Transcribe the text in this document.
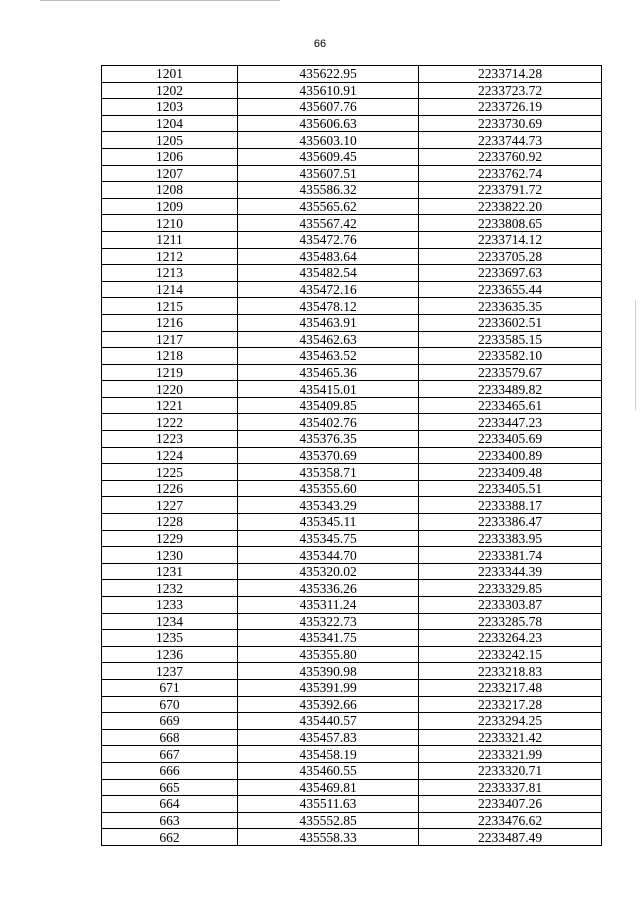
66
1201	435622.95	2233714.28
1202	435610.91	2233723.72
1203	435607.76	2233726.19
1204	435606.63	2233730.69
1205	435603.10	2233744.73
1206	435609.45	2233760.92
1207	435607.51	2233762.74
1208	435586.32	2233791.72
1209	435565.62	2233822.20
1210	435567.42	2233808.65
1211	435472.76	2233714.12
1212	435483.64	2233705.28
1213	435482.54	2233697.63
1214	435472.16	2233655.44
1215	435478.12	2233635.35
1216	435463.91	2233602.51
1217	435462.63	2233585.15
1218	435463.52	2233582.10
1219	435465.36	2233579.67
1220	435415.01	2233489.82
1221	435409.85	2233465.61
1222	435402.76	2233447.23
1223	435376.35	2233405.69
1224	435370.69	2233400.89
1225	435358.71	2233409.48
1226	435355.60	2233405.51
1227	435343.29	2233388.17
1228	435345.11	2233386.47
1229	435345.75	2233383.95
1230	435344.70	2233381.74
1231	435320.02	2233344.39
1232	435336.26	2233329.85
1233	435311.24	2233303.87
1234	435322.73	2233285.78
1235	435341.75	2233264.23
1236	435355.80	2233242.15
1237	435390.98	2233218.83
671	435391.99	2233217.48
670	435392.66	2233217.28
669	435440.57	2233294.25
668	435457.83	2233321.42
667	435458.19	2233321.99
666	435460.55	2233320.71
665	435469.81	2233337.81
664	435511.63	2233407.26
663	435552.85	2233476.62
662	435558.33	2233487.49
